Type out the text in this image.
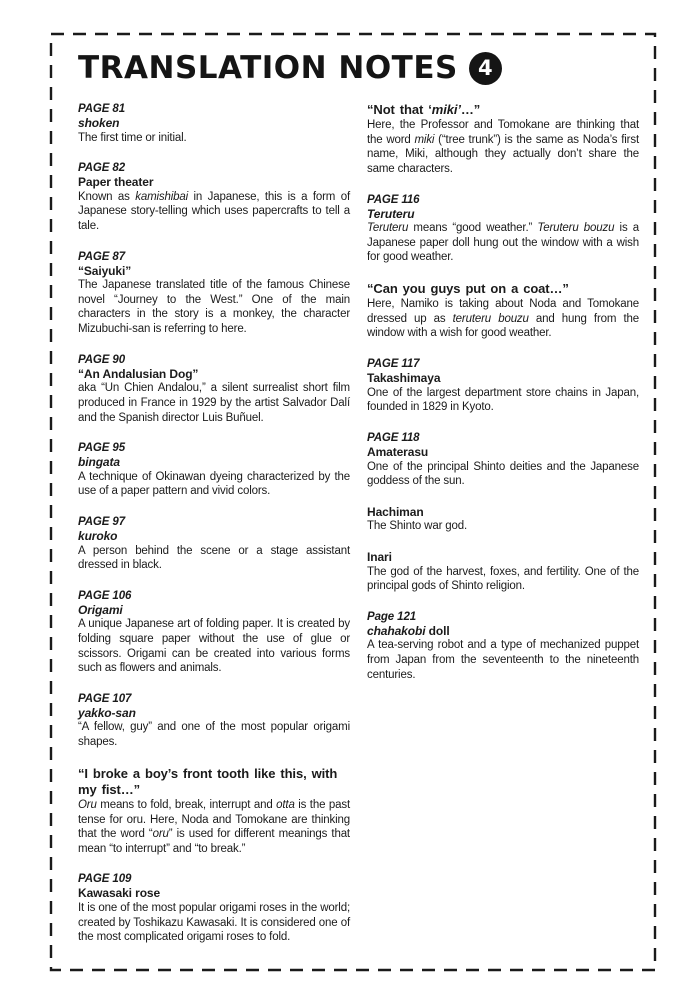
TRANSLATION NOTES 4
PAGE 81
shoken
The first time or initial.
PAGE 82
Paper theater
Known as kamishibai in Japanese, this is a form of Japanese story-telling which uses papercrafts to tell a tale.
PAGE 87
“Saiyuki”
The Japanese translated title of the famous Chinese novel “Journey to the West.” One of the main characters in the story is a monkey, the character Mizubuchi-san is referring to here.
PAGE 90
“An Andalusian Dog”
aka “Un Chien Andalou,” a silent surrealist short film produced in France in 1929 by the artist Salvador Dalí and the Spanish director Luis Buñuel.
PAGE 95
bingata
A technique of Okinawan dyeing characterized by the use of a paper pattern and vivid colors.
PAGE 97
kuroko
A person behind the scene or a stage assistant dressed in black.
PAGE 106
Origami
A unique Japanese art of folding paper. It is created by folding square paper without the use of glue or scissors. Origami can be created into various forms such as flowers and animals.
PAGE 107
yakko-san
“A fellow, guy” and one of the most popular origami shapes.
“I broke a boy’s front tooth like this, with my fist…”
Oru means to fold, break, interrupt and otta is the past tense for oru. Here, Noda and Tomokane are thinking that the word “oru” is used for different meanings that mean “to interrupt” and “to break.”
PAGE 109
Kawasaki rose
It is one of the most popular origami roses in the world; created by Toshikazu Kawasaki. It is considered one of the most complicated origami roses to fold.
“Not that ‘miki’…”
Here, the Professor and Tomokane are thinking that the word miki (“tree trunk”) is the same as Noda’s first name, Miki, although they actually don’t share the same characters.
PAGE 116
Teruteru
Teruteru means “good weather.” Teruteru bouzu is a Japanese paper doll hung out the window with a wish for good weather.
“Can you guys put on a coat…”
Here, Namiko is taking about Noda and Tomokane dressed up as teruteru bouzu and hung from the window with a wish for good weather.
PAGE 117
Takashimaya
One of the largest department store chains in Japan, founded in 1829 in Kyoto.
PAGE 118
Amaterasu
One of the principal Shinto deities and the Japanese goddess of the sun.
Hachiman
The Shinto war god.
Inari
The god of the harvest, foxes, and fertility. One of the principal gods of Shinto religion.
Page 121
chahakobi doll
A tea-serving robot and a type of mechanized puppet from Japan from the seventeenth to the nineteenth centuries.
